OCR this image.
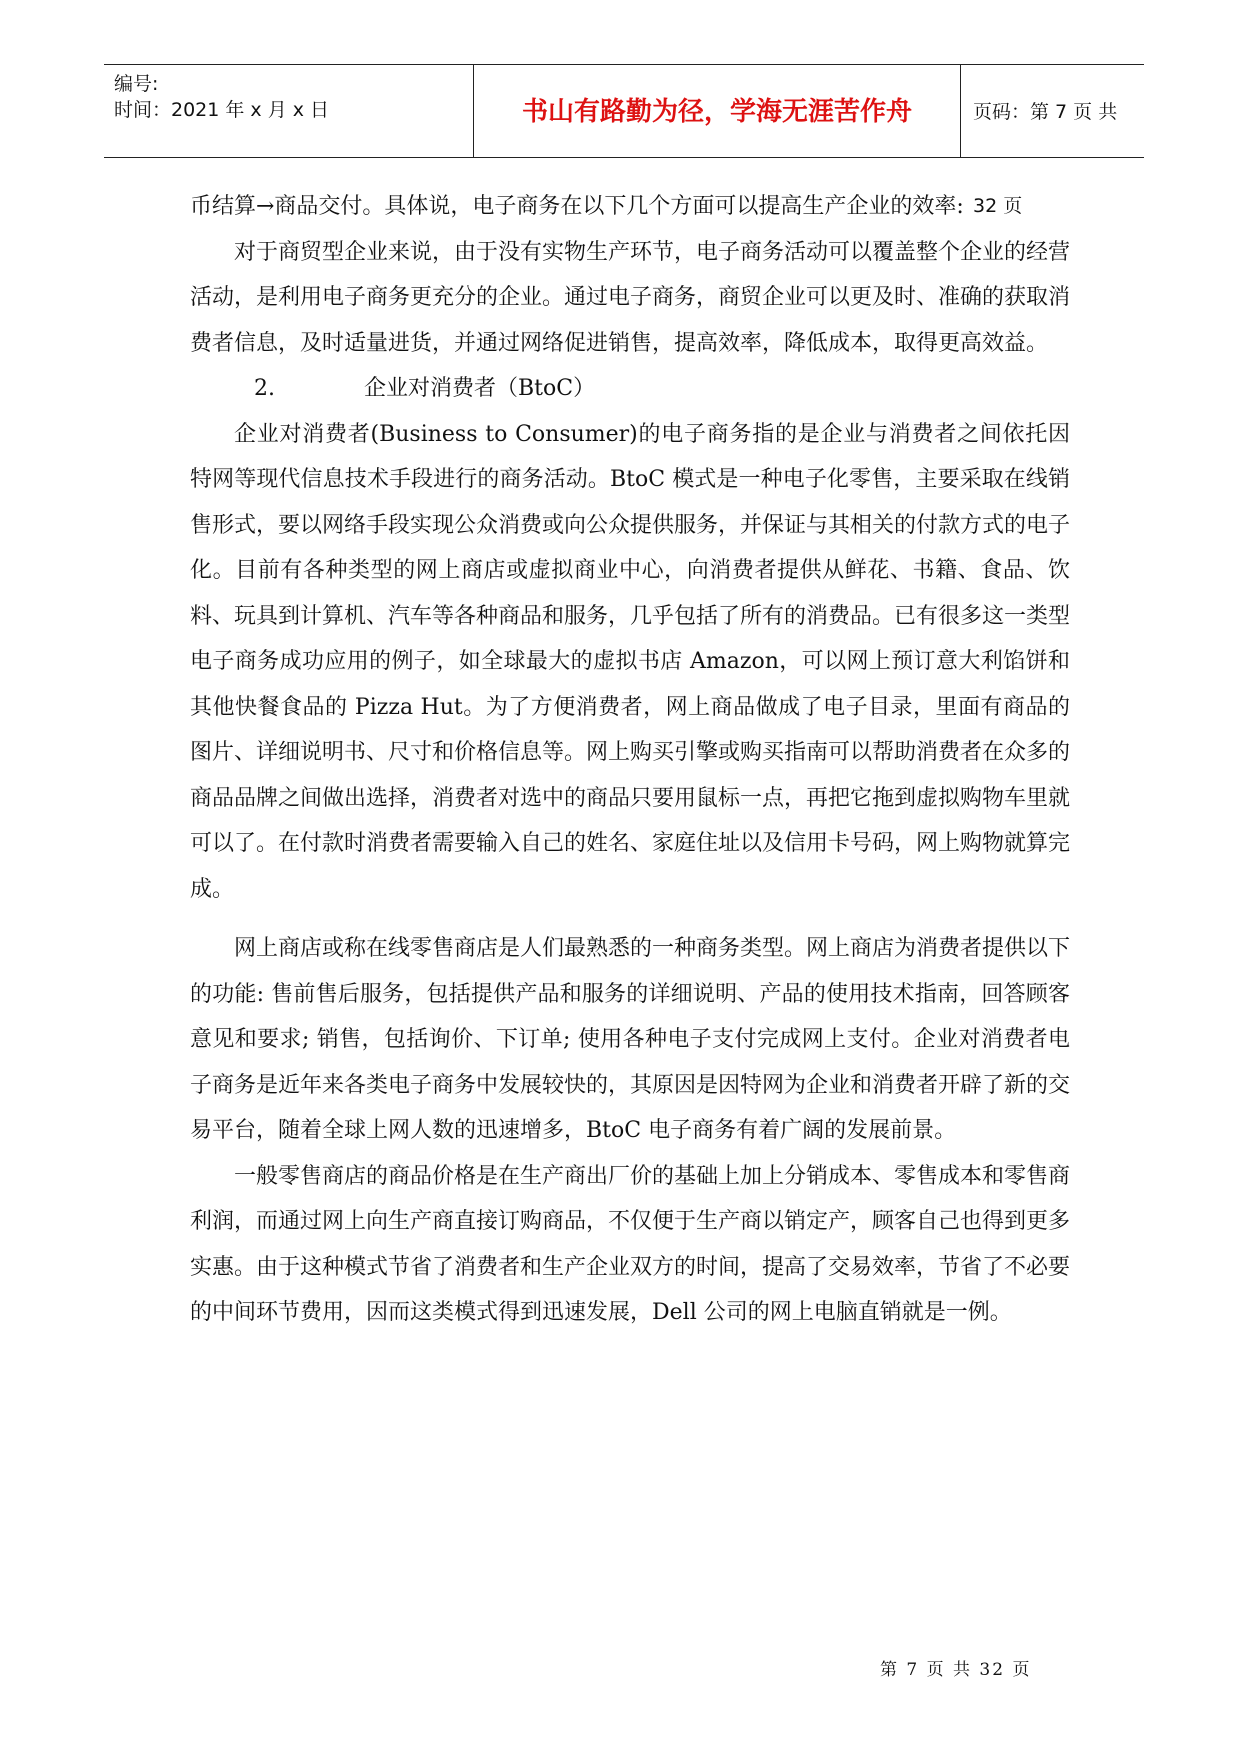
编号:
时间：2021 年 x 月 x 日	书山有路勤为径，学海无涯苦作舟	页码：第 7 页 共 32 页

币结算→商品交付。具体说，电子商务在以下几个方面可以提高生产企业的效率:

对于商贸型企业来说，由于没有实物生产环节，电子商务活动可以覆盖整个企业的经营活动，是利用电子商务更充分的企业。通过电子商务，商贸企业可以更及时、准确的获取消费者信息，及时适量进货，并通过网络促进销售，提高效率，降低成本，取得更高效益。

2.	企业对消费者（BtoC）

企业对消费者(Business to Consumer)的电子商务指的是企业与消费者之间依托因特网等现代信息技术手段进行的商务活动。BtoC 模式是一种电子化零售，主要采取在线销售形式，要以网络手段实现公众消费或向公众提供服务，并保证与其相关的付款方式的电子化。目前有各种类型的网上商店或虚拟商业中心，向消费者提供从鲜花、书籍、食品、饮料、玩具到计算机、汽车等各种商品和服务，几乎包括了所有的消费品。已有很多这一类型电子商务成功应用的例子，如全球最大的虚拟书店 Amazon，可以网上预订意大利馅饼和其他快餐食品的 Pizza Hut。为了方便消费者，网上商品做成了电子目录，里面有商品的图片、详细说明书、尺寸和价格信息等。网上购买引擎或购买指南可以帮助消费者在众多的商品品牌之间做出选择，消费者对选中的商品只要用鼠标一点，再把它拖到虚拟购物车里就可以了。在付款时消费者需要输入自己的姓名、家庭住址以及信用卡号码，网上购物就算完成。

网上商店或称在线零售商店是人们最熟悉的一种商务类型。网上商店为消费者提供以下的功能: 售前售后服务，包括提供产品和服务的详细说明、产品的使用技术指南，回答顾客意见和要求; 销售，包括询价、下订单; 使用各种电子支付完成网上支付。企业对消费者电子商务是近年来各类电子商务中发展较快的，其原因是因特网为企业和消费者开辟了新的交易平台，随着全球上网人数的迅速增多，BtoC 电子商务有着广阔的发展前景。

一般零售商店的商品价格是在生产商出厂价的基础上加上分销成本、零售成本和零售商利润，而通过网上向生产商直接订购商品，不仅便于生产商以销定产，顾客自己也得到更多实惠。由于这种模式节省了消费者和生产企业双方的时间，提高了交易效率，节省了不必要的中间环节费用，因而这类模式得到迅速发展，Dell 公司的网上电脑直销就是一例。

第 7 页 共 32 页
